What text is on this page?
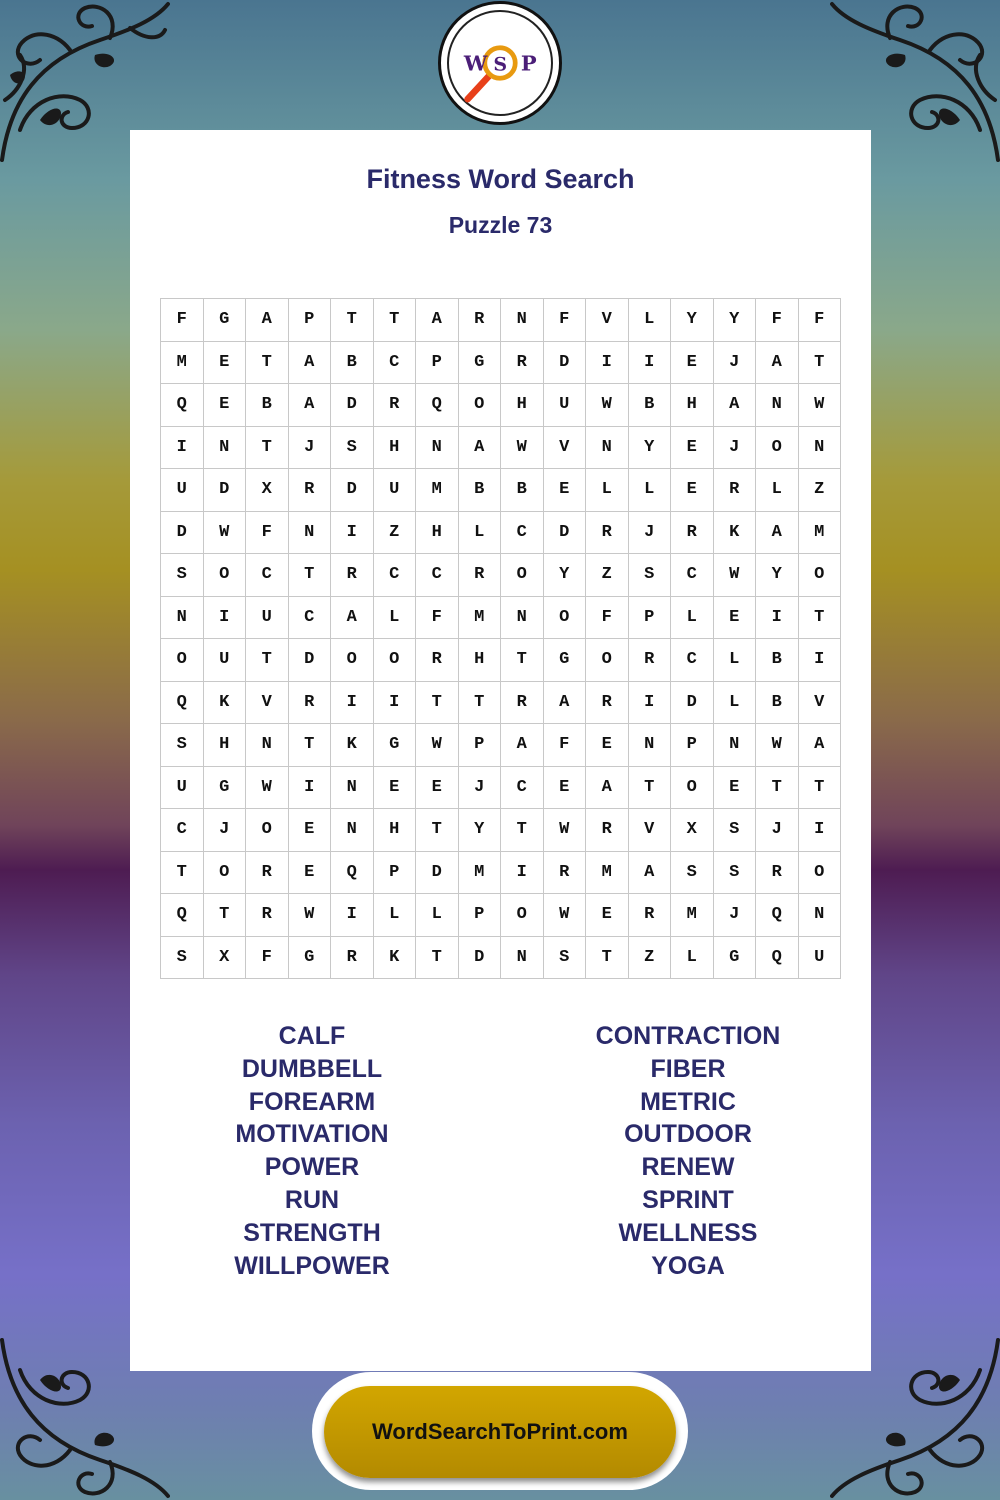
W S P
Fitness Word Search
Puzzle 73
F	G	A	P	T	T	A	R	N	F	V	L	Y	Y	F	F
M	E	T	A	B	C	P	G	R	D	I	I	E	J	A	T
Q	E	B	A	D	R	Q	O	H	U	W	B	H	A	N	W
I	N	T	J	S	H	N	A	W	V	N	Y	E	J	O	N
U	D	X	R	D	U	M	B	B	E	L	L	E	R	L	Z
D	W	F	N	I	Z	H	L	C	D	R	J	R	K	A	M
S	O	C	T	R	C	C	R	O	Y	Z	S	C	W	Y	O
N	I	U	C	A	L	F	M	N	O	F	P	L	E	I	T
O	U	T	D	O	O	R	H	T	G	O	R	C	L	B	I
Q	K	V	R	I	I	T	T	R	A	R	I	D	L	B	V
S	H	N	T	K	G	W	P	A	F	E	N	P	N	W	A
U	G	W	I	N	E	E	J	C	E	A	T	O	E	T	T
C	J	O	E	N	H	T	Y	T	W	R	V	X	S	J	I
T	O	R	E	Q	P	D	M	I	R	M	A	S	S	R	O
Q	T	R	W	I	L	L	P	O	W	E	R	M	J	Q	N
S	X	F	G	R	K	T	D	N	S	T	Z	L	G	Q	U
CALF
DUMBBELL
FOREARM
MOTIVATION
POWER
RUN
STRENGTH
WILLPOWER
CONTRACTION
FIBER
METRIC
OUTDOOR
RENEW
SPRINT
WELLNESS
YOGA
WordSearchToPrint.com
